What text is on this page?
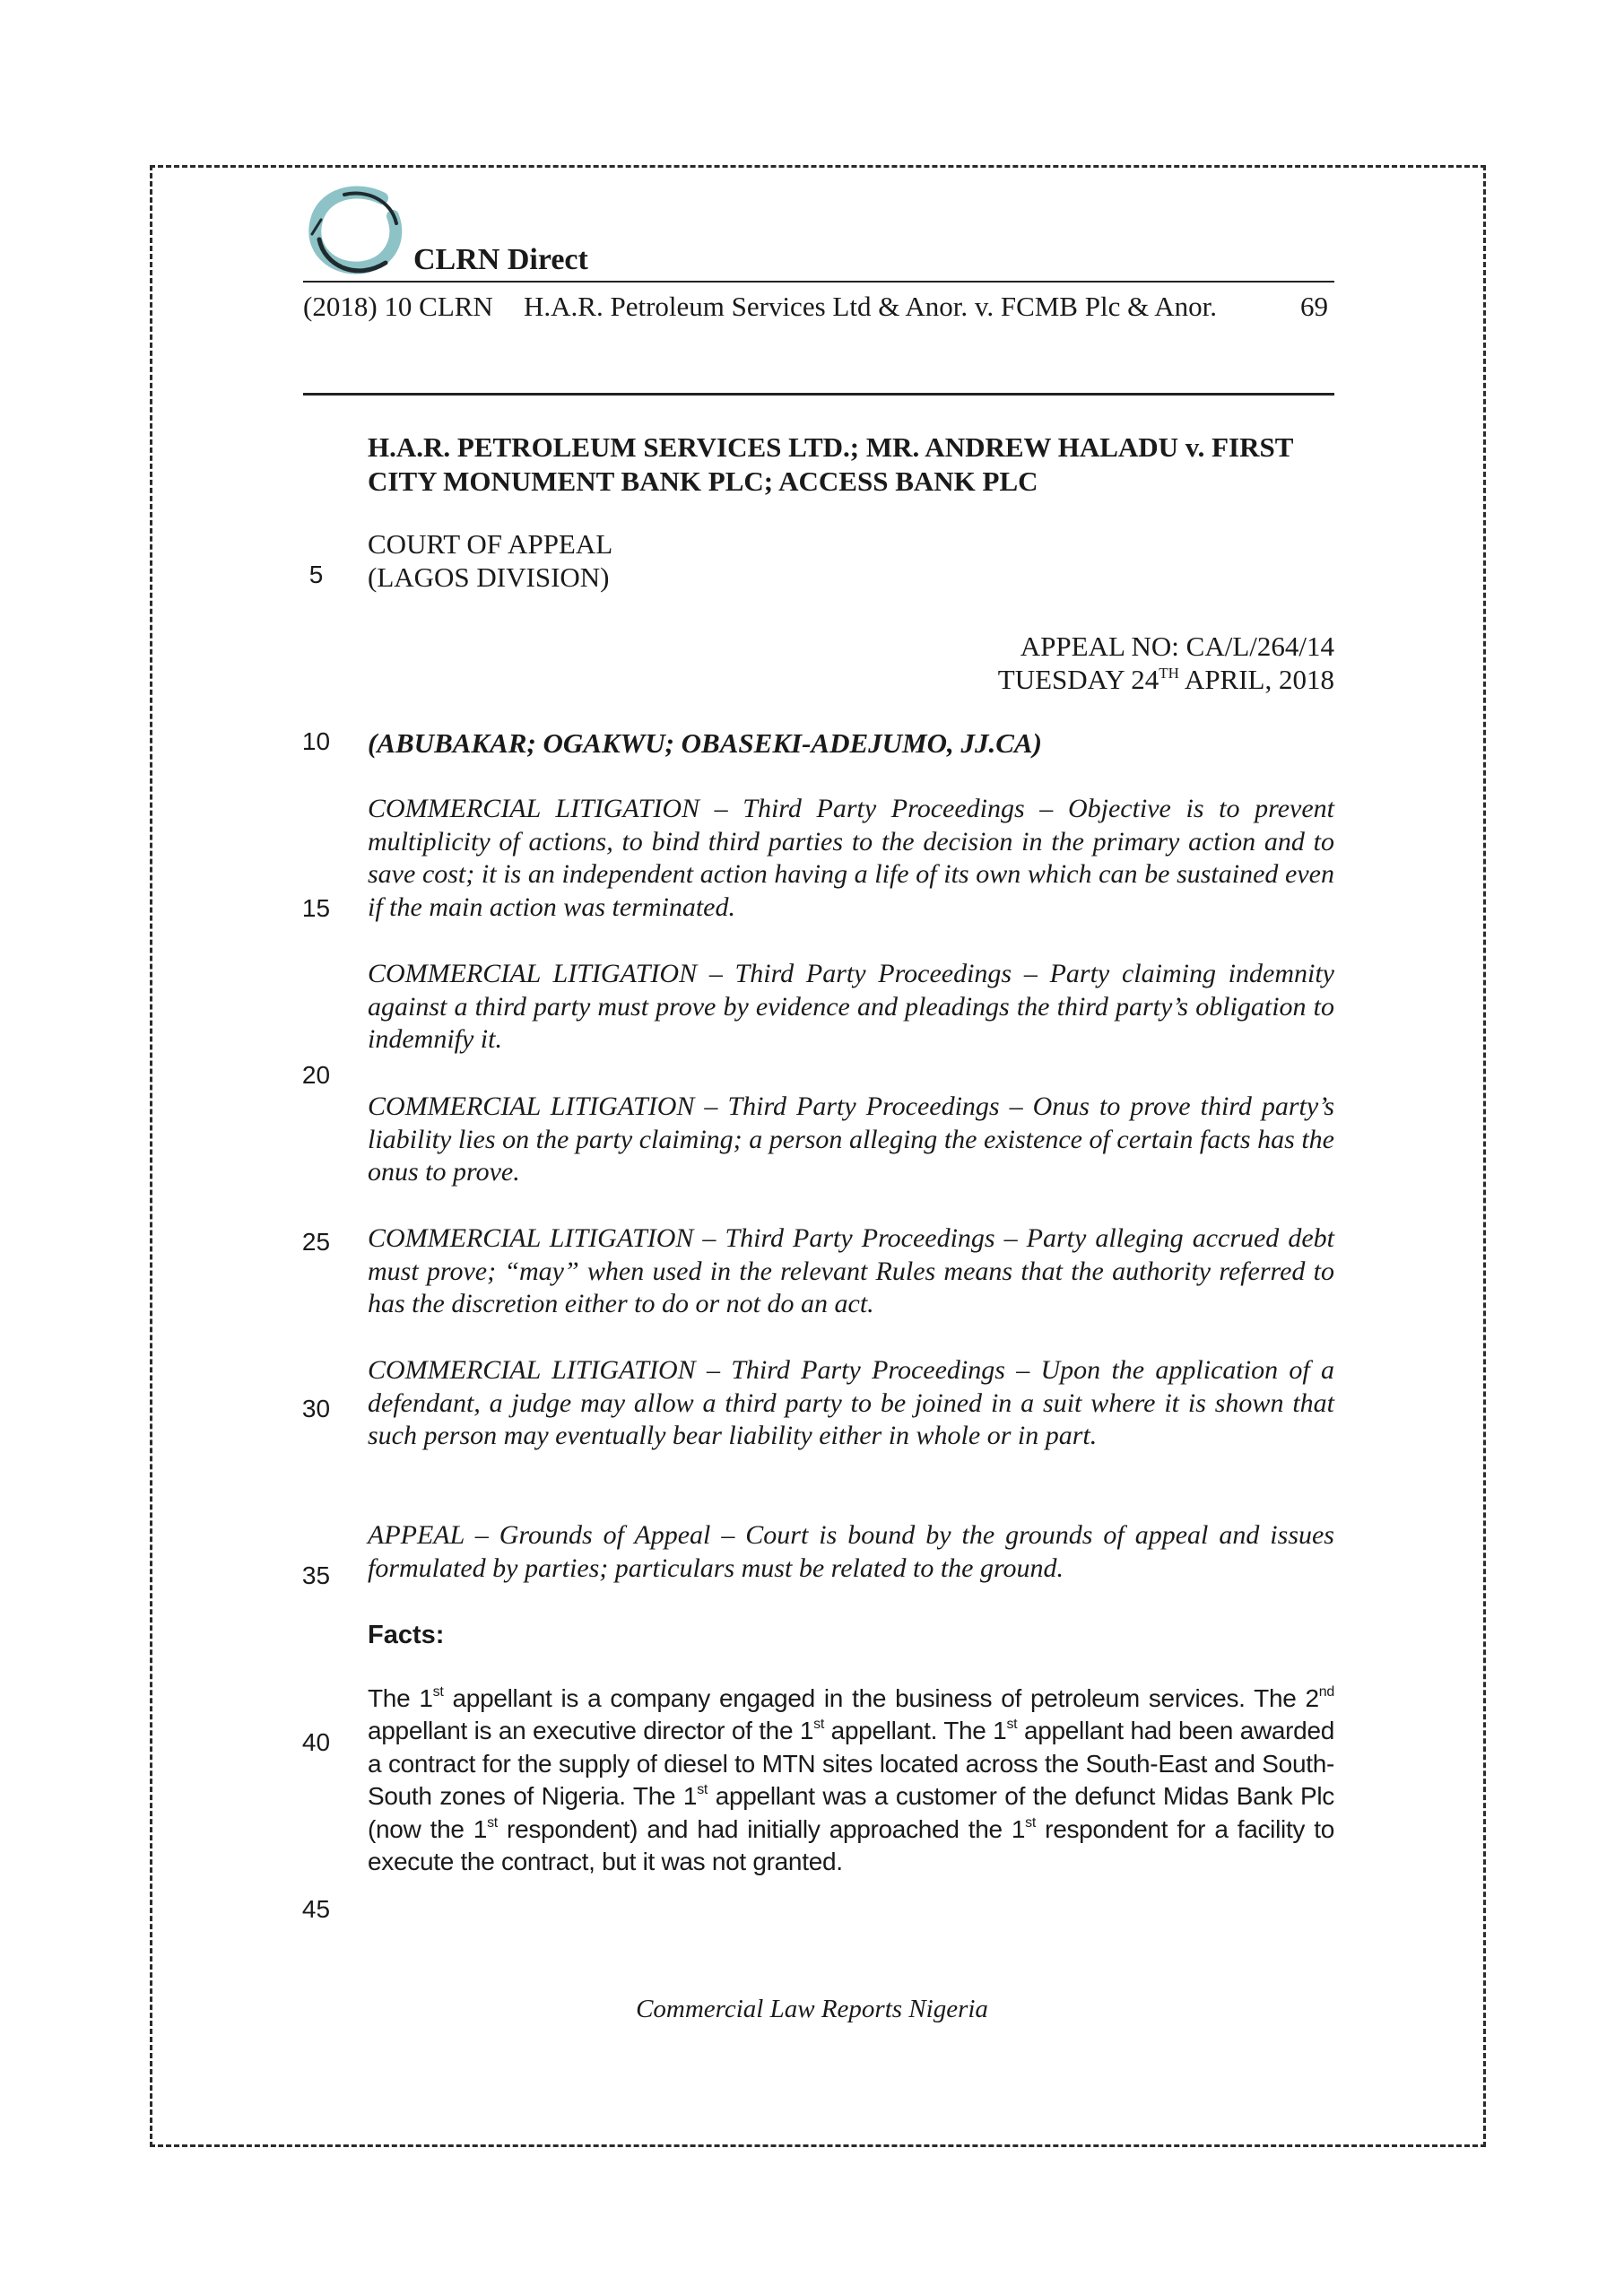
CLRN Direct
(2018) 10 CLRN H.A.R. Petroleum Services Ltd & Anor. v. FCMB Plc & Anor.	69
5
10
15
20
25
30
35
40
45
H.A.R. PETROLEUM SERVICES LTD.; MR. ANDREW HALADU v. FIRST CITY MONUMENT BANK PLC; ACCESS BANK PLC
COURT OF APPEAL
(LAGOS DIVISION)
APPEAL NO: CA/L/264/14
TUESDAY 24TH APRIL, 2018
(ABUBAKAR; OGAKWU; OBASEKI-ADEJUMO, JJ.CA)
COMMERCIAL LITIGATION – Third Party Proceedings – Objective is to prevent multiplicity of actions, to bind third parties to the decision in the primary action and to save cost; it is an independent action having a life of its own which can be sustained even if the main action was terminated.
COMMERCIAL LITIGATION – Third Party Proceedings – Party claiming indemnity against a third party must prove by evidence and pleadings the third party’s obligation to indemnify it.
COMMERCIAL LITIGATION – Third Party Proceedings – Onus to prove third party’s liability lies on the party claiming; a person alleging the existence of certain facts has the onus to prove.
COMMERCIAL LITIGATION – Third Party Proceedings – Party alleging accrued debt must prove; “may” when used in the relevant Rules means that the authority referred to has the discretion either to do or not do an act.
COMMERCIAL LITIGATION – Third Party Proceedings – Upon the application of a defendant, a judge may allow a third party to be joined in a suit where it is shown that such person may eventually bear liability either in whole or in part.
APPEAL – Grounds of Appeal – Court is bound by the grounds of appeal and issues formulated by parties; particulars must be related to the ground.
Facts:
The 1st appellant is a company engaged in the business of petroleum services. The 2nd appellant is an executive director of the 1st appellant. The 1st appellant had been awarded a contract for the supply of diesel to MTN sites located across the South-East and South-South zones of Nigeria. The 1st appellant was a customer of the defunct Midas Bank Plc (now the 1st respondent) and had initially approached the 1st respondent for a facility to execute the contract, but it was not granted.
Commercial Law Reports Nigeria
